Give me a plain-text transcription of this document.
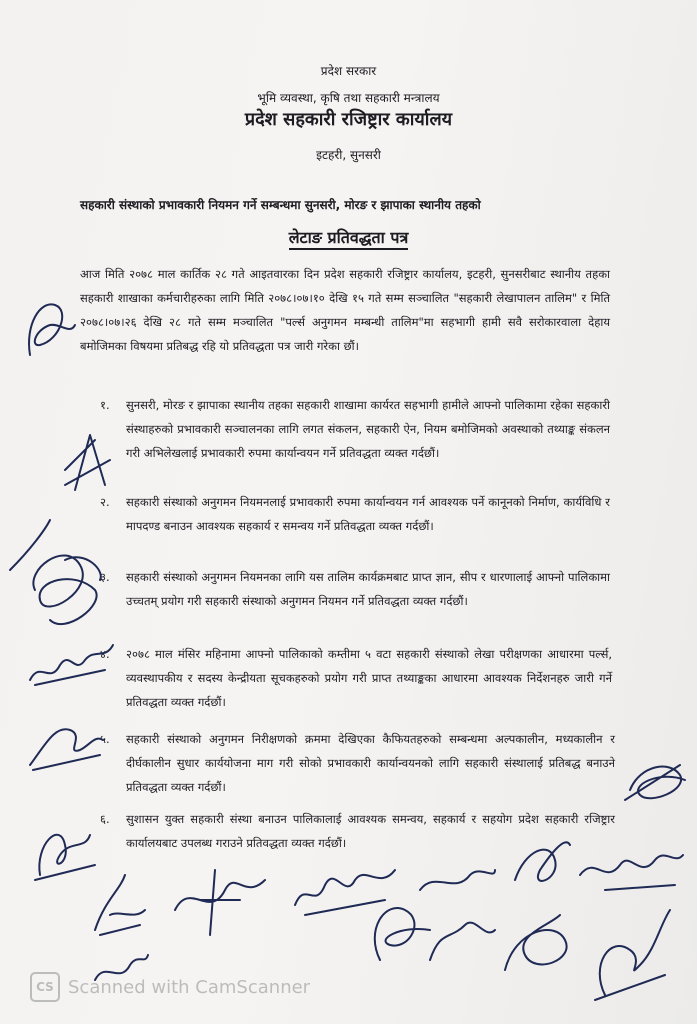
प्रदेश सरकार
भूमि व्यवस्था, कृषि तथा सहकारी मन्त्रालय
प्रदेश सहकारी रजिष्ट्रार कार्यालय
इटहरी, सुनसरी
सहकारी संस्थाको प्रभावकारी नियमन गर्ने सम्बन्धमा सुनसरी, मोरङ र झापाका स्थानीय तहको
लेटाङ प्रतिवद्धता पत्र
आज मिति २०७८ माल कार्तिक २८ गते आइतवारका दिन प्रदेश सहकारी रजिष्ट्रार कार्यालय, इटहरी, सुनसरीबाट स्थानीय तहका सहकारी शाखाका कर्मचारीहरुका लागि मिति २०७८।०७।१० देखि १५ गते सम्म सञ्चालित "सहकारी लेखापालन तालिम" र मिति २०७८।०७।२६ देखि २८ गते सम्म मञ्चालित "पर्ल्स अनुगमन मम्बन्धी तालिम"मा सहभागी हामी सवै सरोकारवाला देहाय बमोजिमका विषयमा प्रतिबद्ध रहि यो प्रतिवद्धता पत्र जारी गरेका छौं।
१. सुनसरी, मोरङ र झापाका स्थानीय तहका सहकारी शाखामा कार्यरत सहभागी हामीले आफ्नो पालिकामा रहेका सहकारी संस्थाहरुको प्रभावकारी सञ्चालनका लागि लगत संकलन, सहकारी ऐन, नियम बमोजिमको अवस्थाको तथ्याङ्क संकलन गरी अभिलेखलाई प्रभावकारी रुपमा कार्यान्वयन गर्ने प्रतिवद्धता व्यक्त गर्दछौं।
२. सहकारी संस्थाको अनुगमन नियमनलाई प्रभावकारी रुपमा कार्यान्वयन गर्न आवश्यक पर्ने कानूनको निर्माण, कार्यविधि र मापदण्ड बनाउन आवश्यक सहकार्य र समन्वय गर्ने प्रतिवद्धता व्यक्त गर्दछौं।
३. सहकारी संस्थाको अनुगमन नियमनका लागि यस तालिम कार्यक्रमबाट प्राप्त ज्ञान, सीप र धारणालाई आफ्नो पालिकामा उच्चतम् प्रयोग गरी सहकारी संस्थाको अनुगमन नियमन गर्ने प्रतिवद्धता व्यक्त गर्दछौं।
४. २०७८ माल मंसिर महिनामा आफ्नो पालिकाको कम्तीमा ५ वटा सहकारी संस्थाको लेखा परीक्षणका आधारमा पर्ल्स, व्यवस्थापकीय र सदस्य केन्द्रीयता सूचकहरुको प्रयोग गरी प्राप्त तथ्याङ्कका आधारमा आवश्यक निर्देशनहरु जारी गर्ने प्रतिवद्धता व्यक्त गर्दछौं।
५. सहकारी संस्थाको अनुगमन निरीक्षणको क्रममा देखिएका कैफियतहरुको सम्बन्धमा अल्पकालीन, मध्यकालीन र दीर्घकालीन सुधार कार्ययोजना माग गरी सोको प्रभावकारी कार्यान्वयनको लागि सहकारी संस्थालाई प्रतिबद्ध बनाउने प्रतिवद्धता व्यक्त गर्दछौं।
६. सुशासन युक्त सहकारी संस्था बनाउन पालिकालाई आवश्यक समन्वय, सहकार्य र सहयोग प्रदेश सहकारी रजिष्ट्रार कार्यालयबाट उपलब्ध गराउने प्रतिवद्धता व्यक्त गर्दछौं।
CS Scanned with CamScanner
